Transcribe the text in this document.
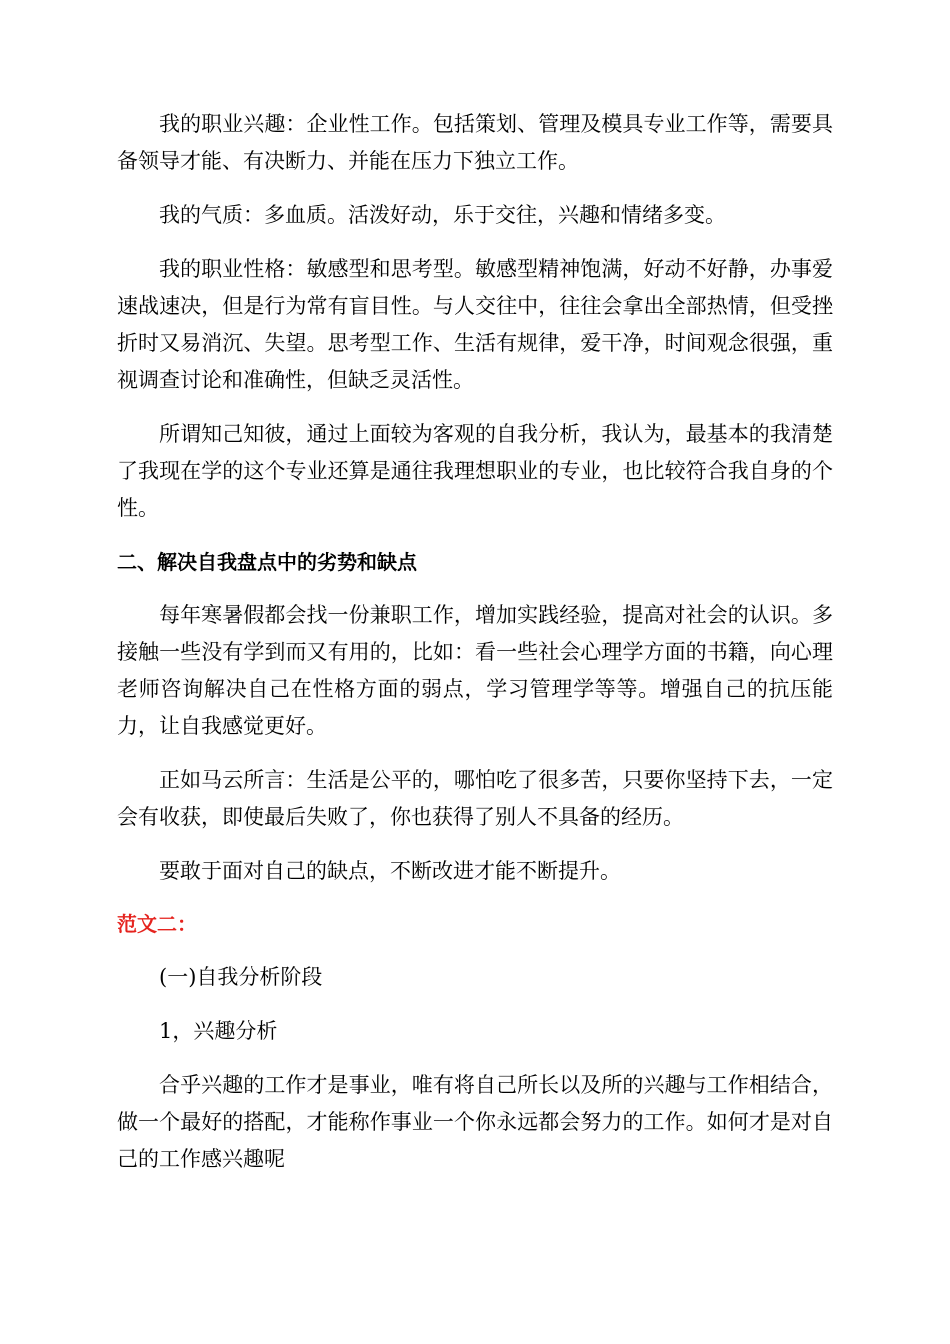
我的职业兴趣：企业性工作。包括策划、管理及模具专业工作等，需要具备领导才能、有决断力、并能在压力下独立工作。

我的气质：多血质。活泼好动，乐于交往，兴趣和情绪多变。

我的职业性格：敏感型和思考型。敏感型精神饱满，好动不好静，办事爱速战速决，但是行为常有盲目性。与人交往中，往往会拿出全部热情，但受挫折时又易消沉、失望。思考型工作、生活有规律，爱干净，时间观念很强，重视调查讨论和准确性，但缺乏灵活性。

所谓知己知彼，通过上面较为客观的自我分析，我认为，最基本的我清楚了我现在学的这个专业还算是通往我理想职业的专业，也比较符合我自身的个性。

二、解决自我盘点中的劣势和缺点

每年寒暑假都会找一份兼职工作，增加实践经验，提高对社会的认识。多接触一些没有学到而又有用的，比如：看一些社会心理学方面的书籍，向心理老师咨询解决自己在性格方面的弱点，学习管理学等等。增强自己的抗压能力，让自我感觉更好。

正如马云所言：生活是公平的，哪怕吃了很多苦，只要你坚持下去，一定会有收获，即使最后失败了，你也获得了别人不具备的经历。

要敢于面对自己的缺点，不断改进才能不断提升。

范文二：

(一)自我分析阶段

1，兴趣分析

合乎兴趣的工作才是事业，唯有将自己所长以及所的兴趣与工作相结合，做一个最好的搭配，才能称作事业一个你永远都会努力的工作。如何才是对自己的工作感兴趣呢
